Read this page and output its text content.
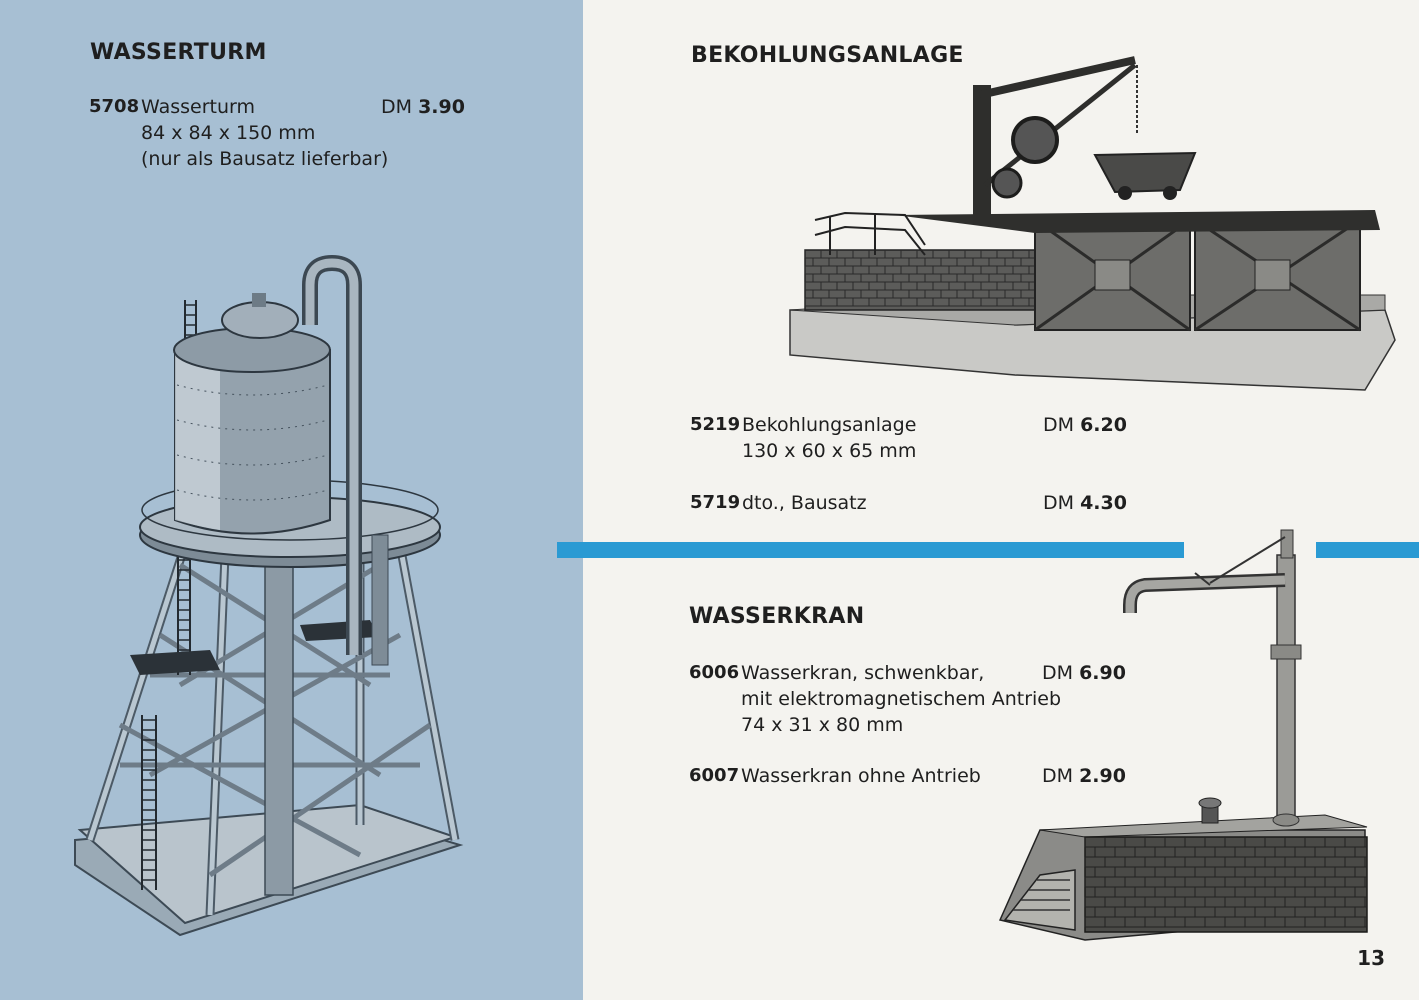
WASSERTURM
5708 Wasserturm
84 x 84 x 150 mm
(nur als Bausatz lieferbar)
DM 3.90
BEKOHLUNGSANLAGE
5219 Bekohlungsanlage
130 x 60 x 65 mm
DM 6.20
5719 dto., Bausatz	DM 4.30
WASSERKRAN
6006 Wasserkran, schwenkbar,
mit elektromagnetischem Antrieb
74 x 31 x 80 mm
DM 6.90
6007 Wasserkran ohne Antrieb	DM 2.90
13
